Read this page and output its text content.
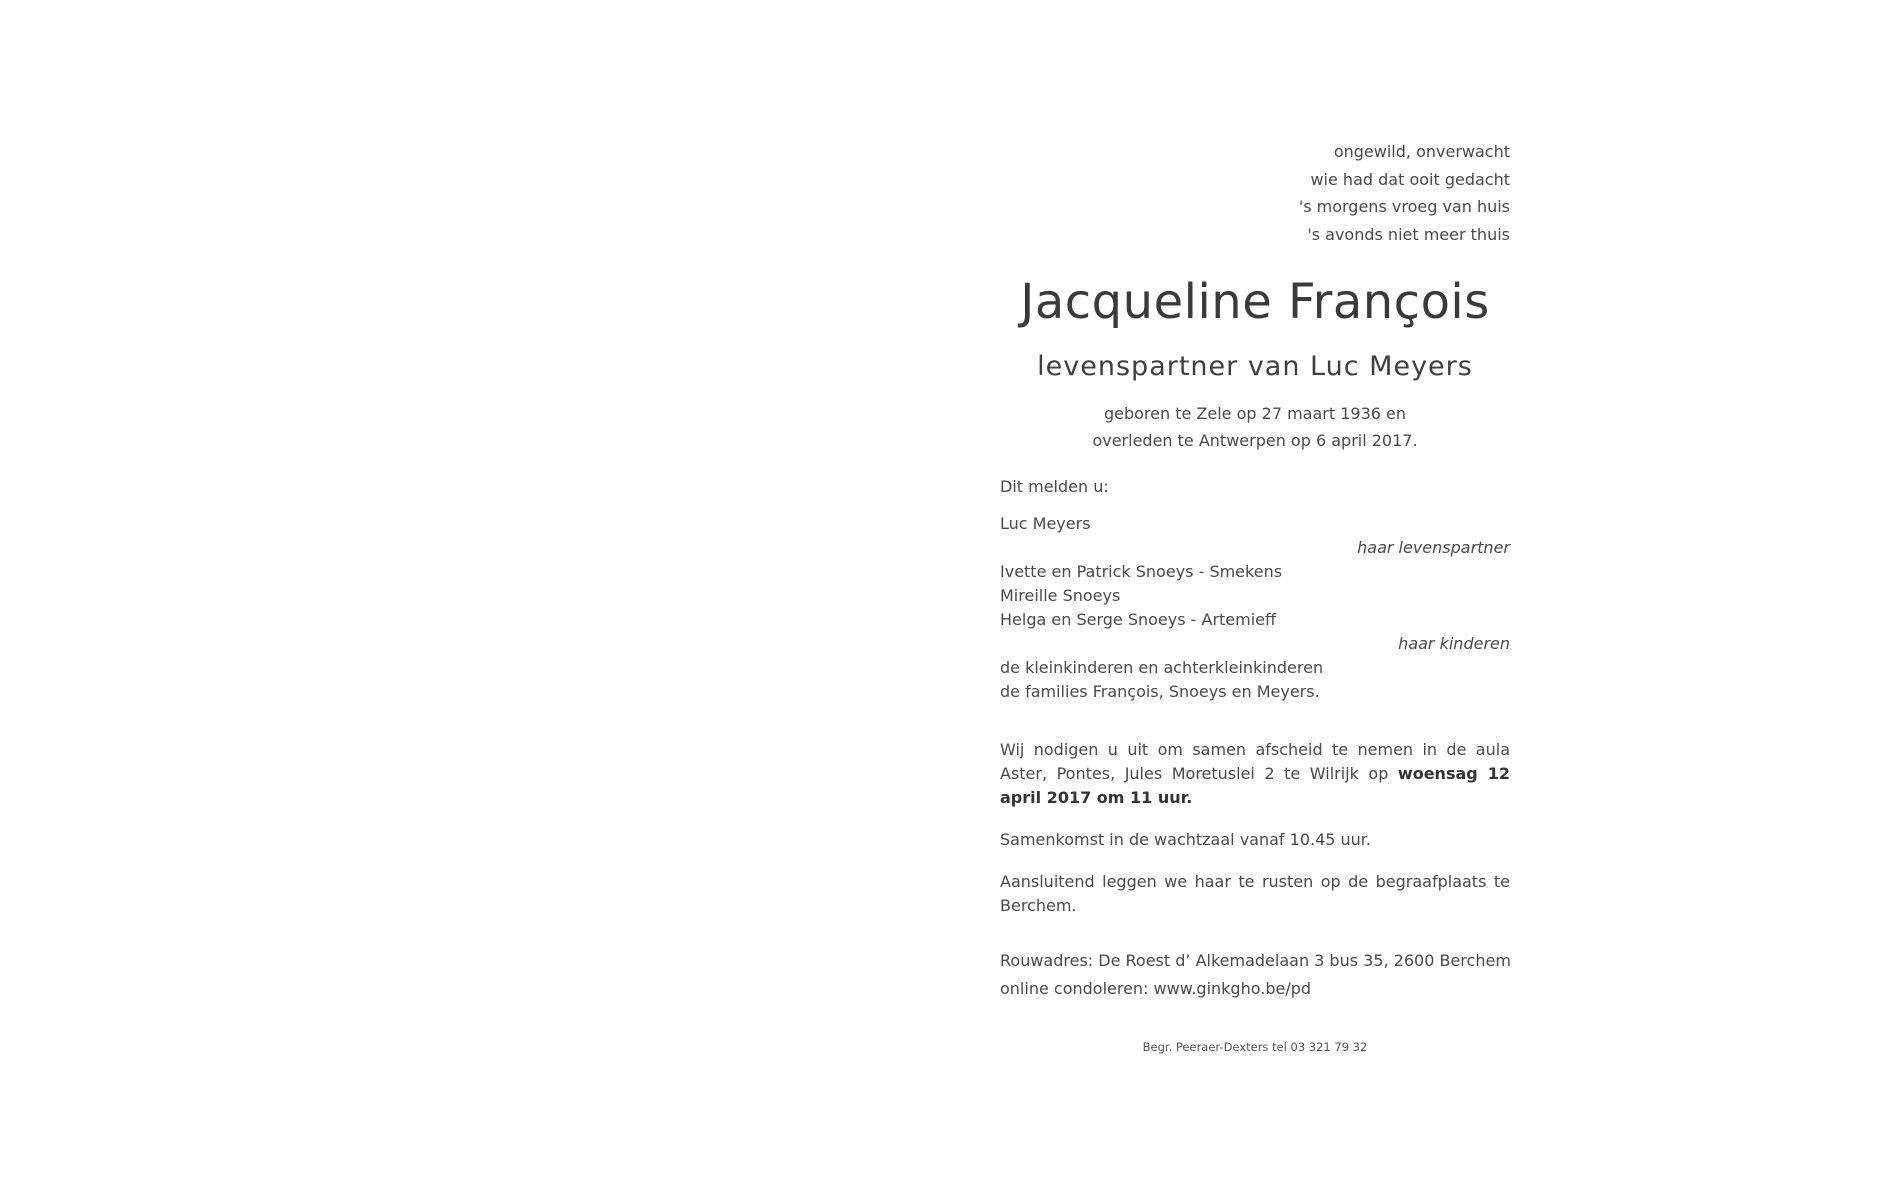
ongewild, onverwacht
wie had dat ooit gedacht
's morgens vroeg van huis
's avonds niet meer thuis
Jacqueline François
levenspartner van Luc Meyers
geboren te Zele op 27 maart 1936 en
overleden te Antwerpen op 6 april 2017.
Dit melden u:
Luc Meyers
haar levenspartner
Ivette en Patrick Snoeys - Smekens
Mireille Snoeys
Helga en Serge Snoeys - Artemieff
haar kinderen
de kleinkinderen en achterkleinkinderen
de families François, Snoeys en Meyers.

Wij nodigen u uit om samen afscheid te nemen in de aula Aster, Pontes, Jules Moretuslei 2 te Wilrijk op woensag 12 april 2017 om 11 uur.

Samenkomst in de wachtzaal vanaf 10.45 uur.

Aansluitend leggen we haar te rusten op de begraafplaats te Berchem.

Rouwadres: De Roest d’ Alkemadelaan 3 bus 35, 2600 Berchem
online condoleren: www.ginkgho.be/pd
Begr. Peeraer-Dexters tel 03 321 79 32
